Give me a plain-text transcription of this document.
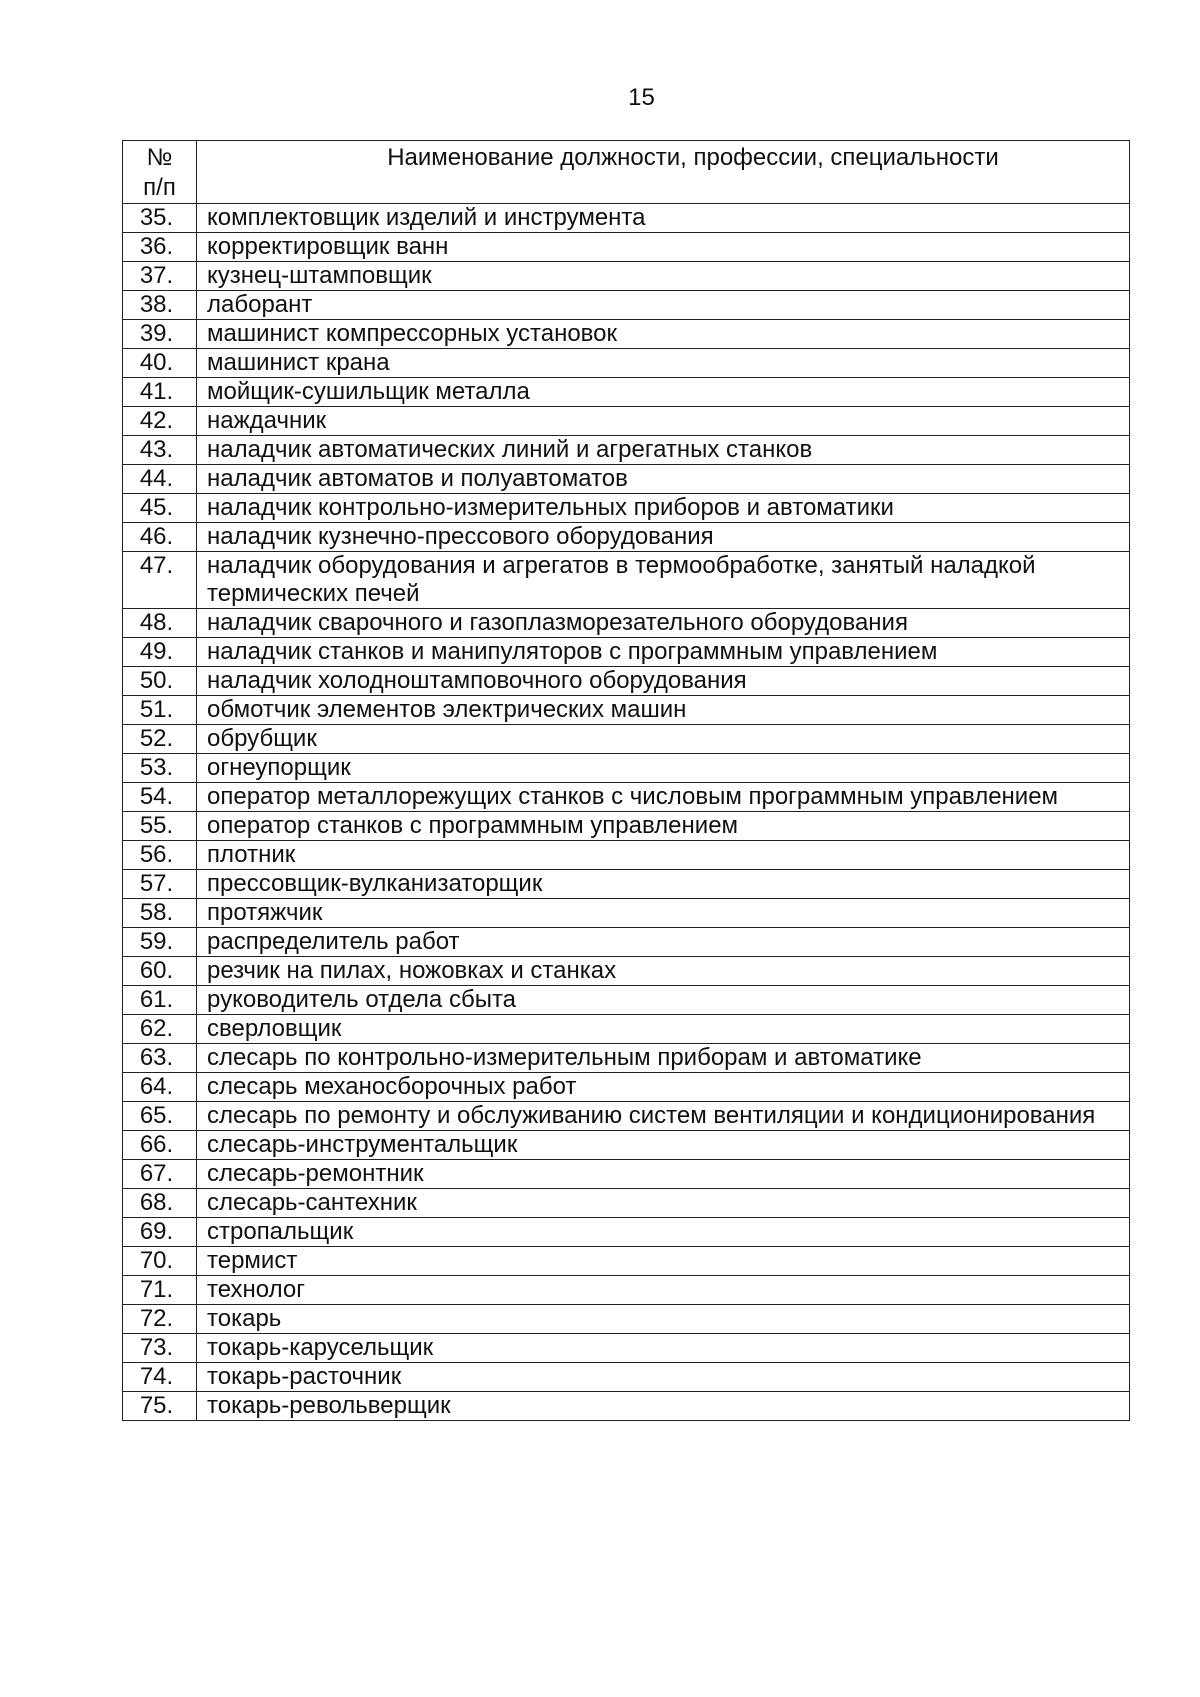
15
№
п/п	Наименование должности, профессии, специальности
35.	комплектовщик изделий и инструмента
36.	корректировщик ванн
37.	кузнец-штамповщик
38.	лаборант
39.	машинист компрессорных установок
40.	машинист крана
41.	мойщик-сушильщик металла
42.	наждачник
43.	наладчик автоматических линий и агрегатных станков
44.	наладчик автоматов и полуавтоматов
45.	наладчик контрольно-измерительных приборов и автоматики
46.	наладчик кузнечно-прессового оборудования
47.	наладчик оборудования и агрегатов в термообработке, занятый наладкой термических печей
48.	наладчик сварочного и газоплазморезательного оборудования
49.	наладчик станков и манипуляторов с программным управлением
50.	наладчик холодноштамповочного оборудования
51.	обмотчик элементов электрических машин
52.	обрубщик
53.	огнеупорщик
54.	оператор металлорежущих станков с числовым программным управлением
55.	оператор станков с программным управлением
56.	плотник
57.	прессовщик-вулканизаторщик
58.	протяжчик
59.	распределитель работ
60.	резчик на пилах, ножовках и станках
61.	руководитель отдела сбыта
62.	сверловщик
63.	слесарь по контрольно-измерительным приборам и автоматике
64.	слесарь механосборочных работ
65.	слесарь по ремонту и обслуживанию систем вентиляции и кондиционирования
66.	слесарь-инструментальщик
67.	слесарь-ремонтник
68.	слесарь-сантехник
69.	стропальщик
70.	термист
71.	технолог
72.	токарь
73.	токарь-карусельщик
74.	токарь-расточник
75.	токарь-револьверщик
